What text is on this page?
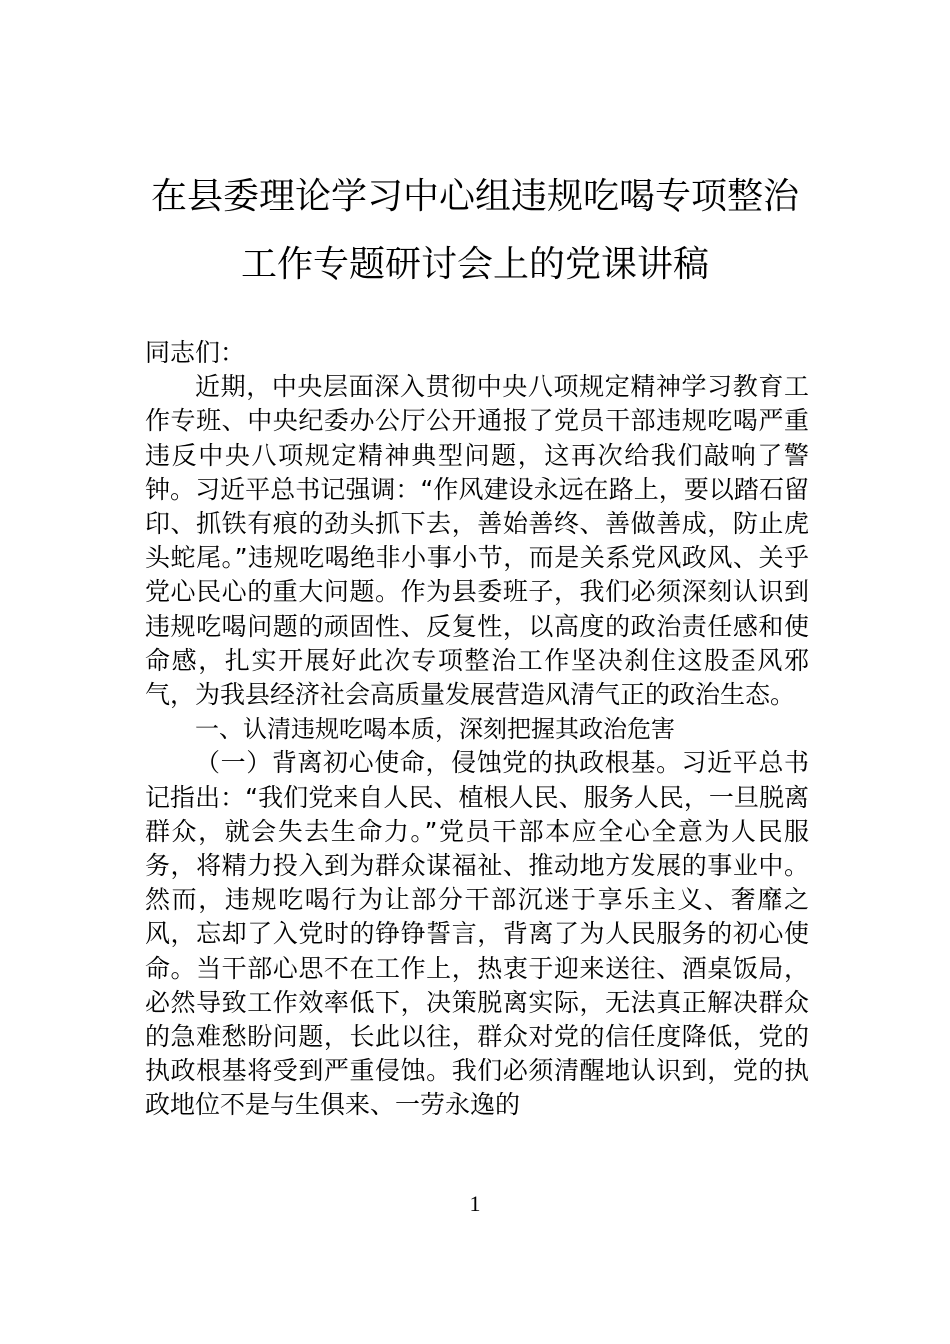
在县委理论学习中心组违规吃喝专项整治
工作专题研讨会上的党课讲稿

同志们：

近期，中央层面深入贯彻中央八项规定精神学习教育工作专班、中央纪委办公厅公开通报了党员干部违规吃喝严重违反中央八项规定精神典型问题，这再次给我们敲响了警钟。习近平总书记强调：“作风建设永远在路上，要以踏石留印、抓铁有痕的劲头抓下去，善始善终、善做善成，防止虎头蛇尾。”违规吃喝绝非小事小节，而是关系党风政风、关乎党心民心的重大问题。作为县委班子，我们必须深刻认识到违规吃喝问题的顽固性、反复性，以高度的政治责任感和使命感，扎实开展好此次专项整治工作坚决刹住这股歪风邪气，为我县经济社会高质量发展营造风清气正的政治生态。

一、认清违规吃喝本质，深刻把握其政治危害

（一）背离初心使命，侵蚀党的执政根基。习近平总书记指出：“我们党来自人民、植根人民、服务人民，一旦脱离群众，就会失去生命力。”党员干部本应全心全意为人民服务，将精力投入到为群众谋福祉、推动地方发展的事业中。然而，违规吃喝行为让部分干部沉迷于享乐主义、奢靡之风，忘却了入党时的铮铮誓言，背离了为人民服务的初心使命。当干部心思不在工作上，热衷于迎来送往、酒桌饭局，必然导致工作效率低下，决策脱离实际，无法真正解决群众的急难愁盼问题，长此以往，群众对党的信任度降低，党的执政根基将受到严重侵蚀。我们必须清醒地认识到，党的执政地位不是与生俱来、一劳永逸的

1
